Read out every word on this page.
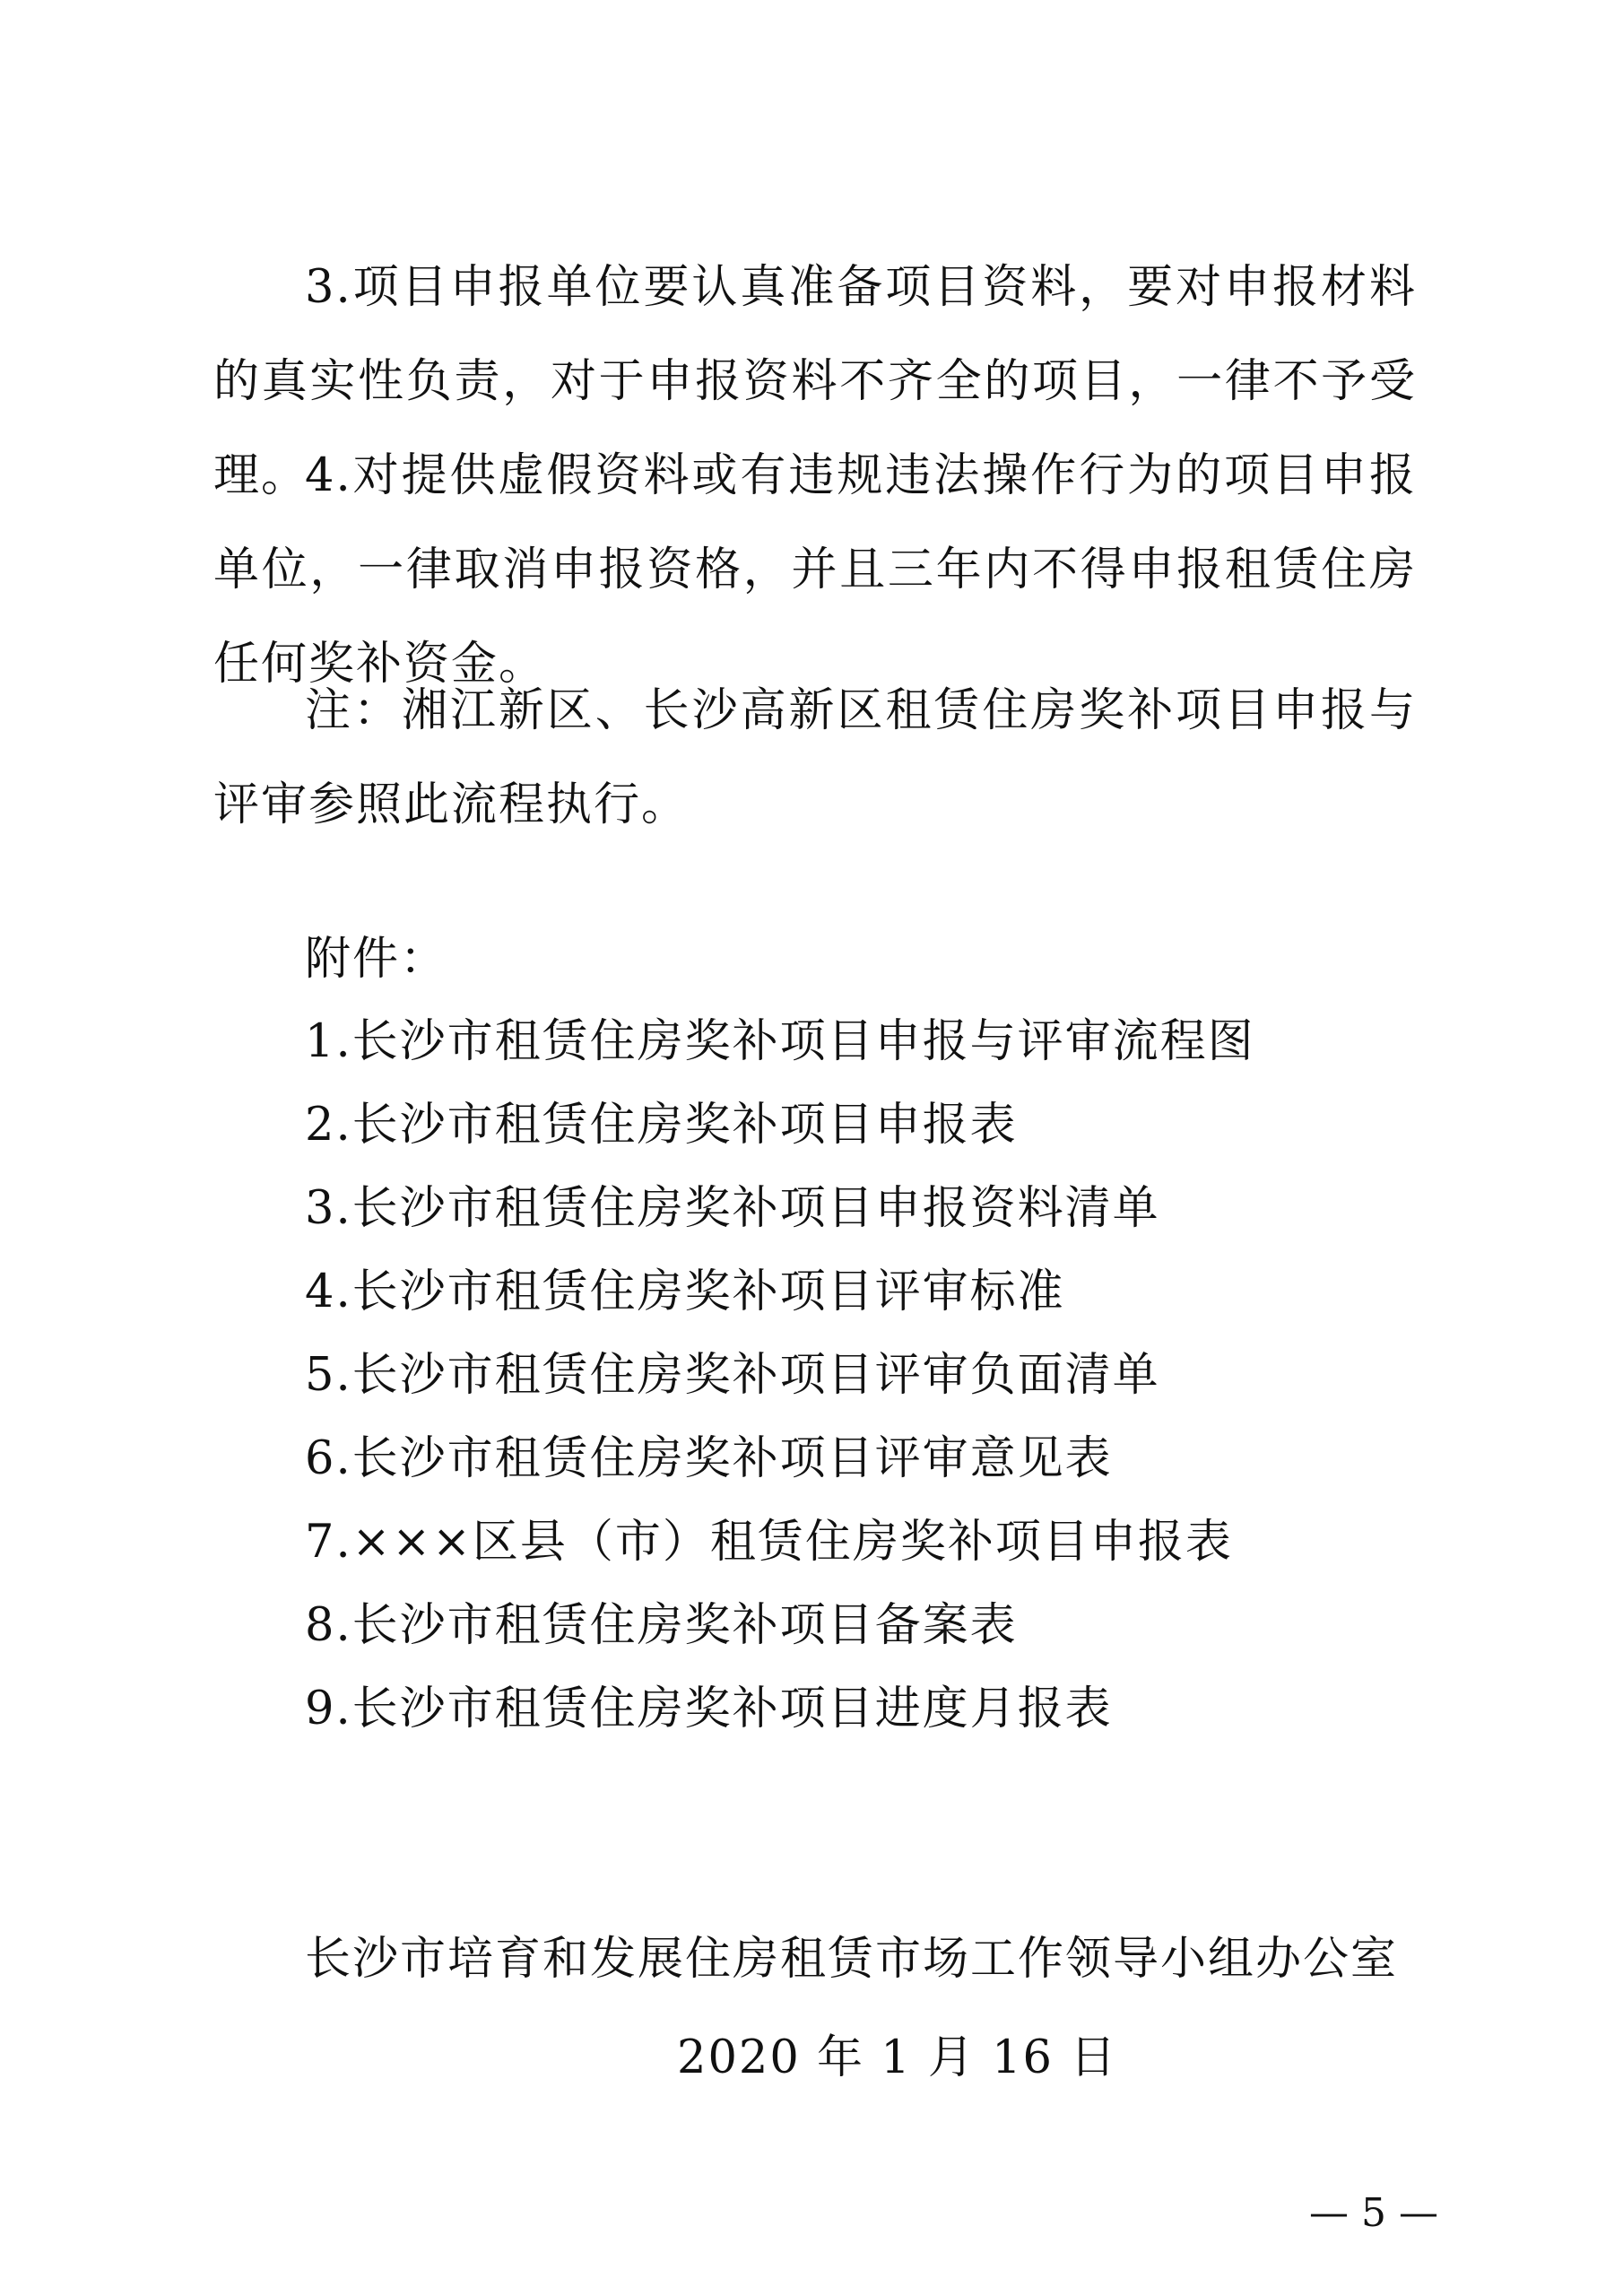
3.项目申报单位要认真准备项目资料，要对申报材料的真实性负责，对于申报资料不齐全的项目，一律不予受理。

4.对提供虚假资料或有违规违法操作行为的项目申报单位，一律取消申报资格，并且三年内不得申报租赁住房任何奖补资金。

注：湘江新区、长沙高新区租赁住房奖补项目申报与评审参照此流程执行。

附件：

1.长沙市租赁住房奖补项目申报与评审流程图
2.长沙市租赁住房奖补项目申报表
3.长沙市租赁住房奖补项目申报资料清单
4.长沙市租赁住房奖补项目评审标准
5.长沙市租赁住房奖补项目评审负面清单
6.长沙市租赁住房奖补项目评审意见表
7.×××区县（市）租赁住房奖补项目申报表
8.长沙市租赁住房奖补项目备案表
9.长沙市租赁住房奖补项目进度月报表

长沙市培育和发展住房租赁市场工作领导小组办公室

2020 年 1 月 16 日

— 5 —
